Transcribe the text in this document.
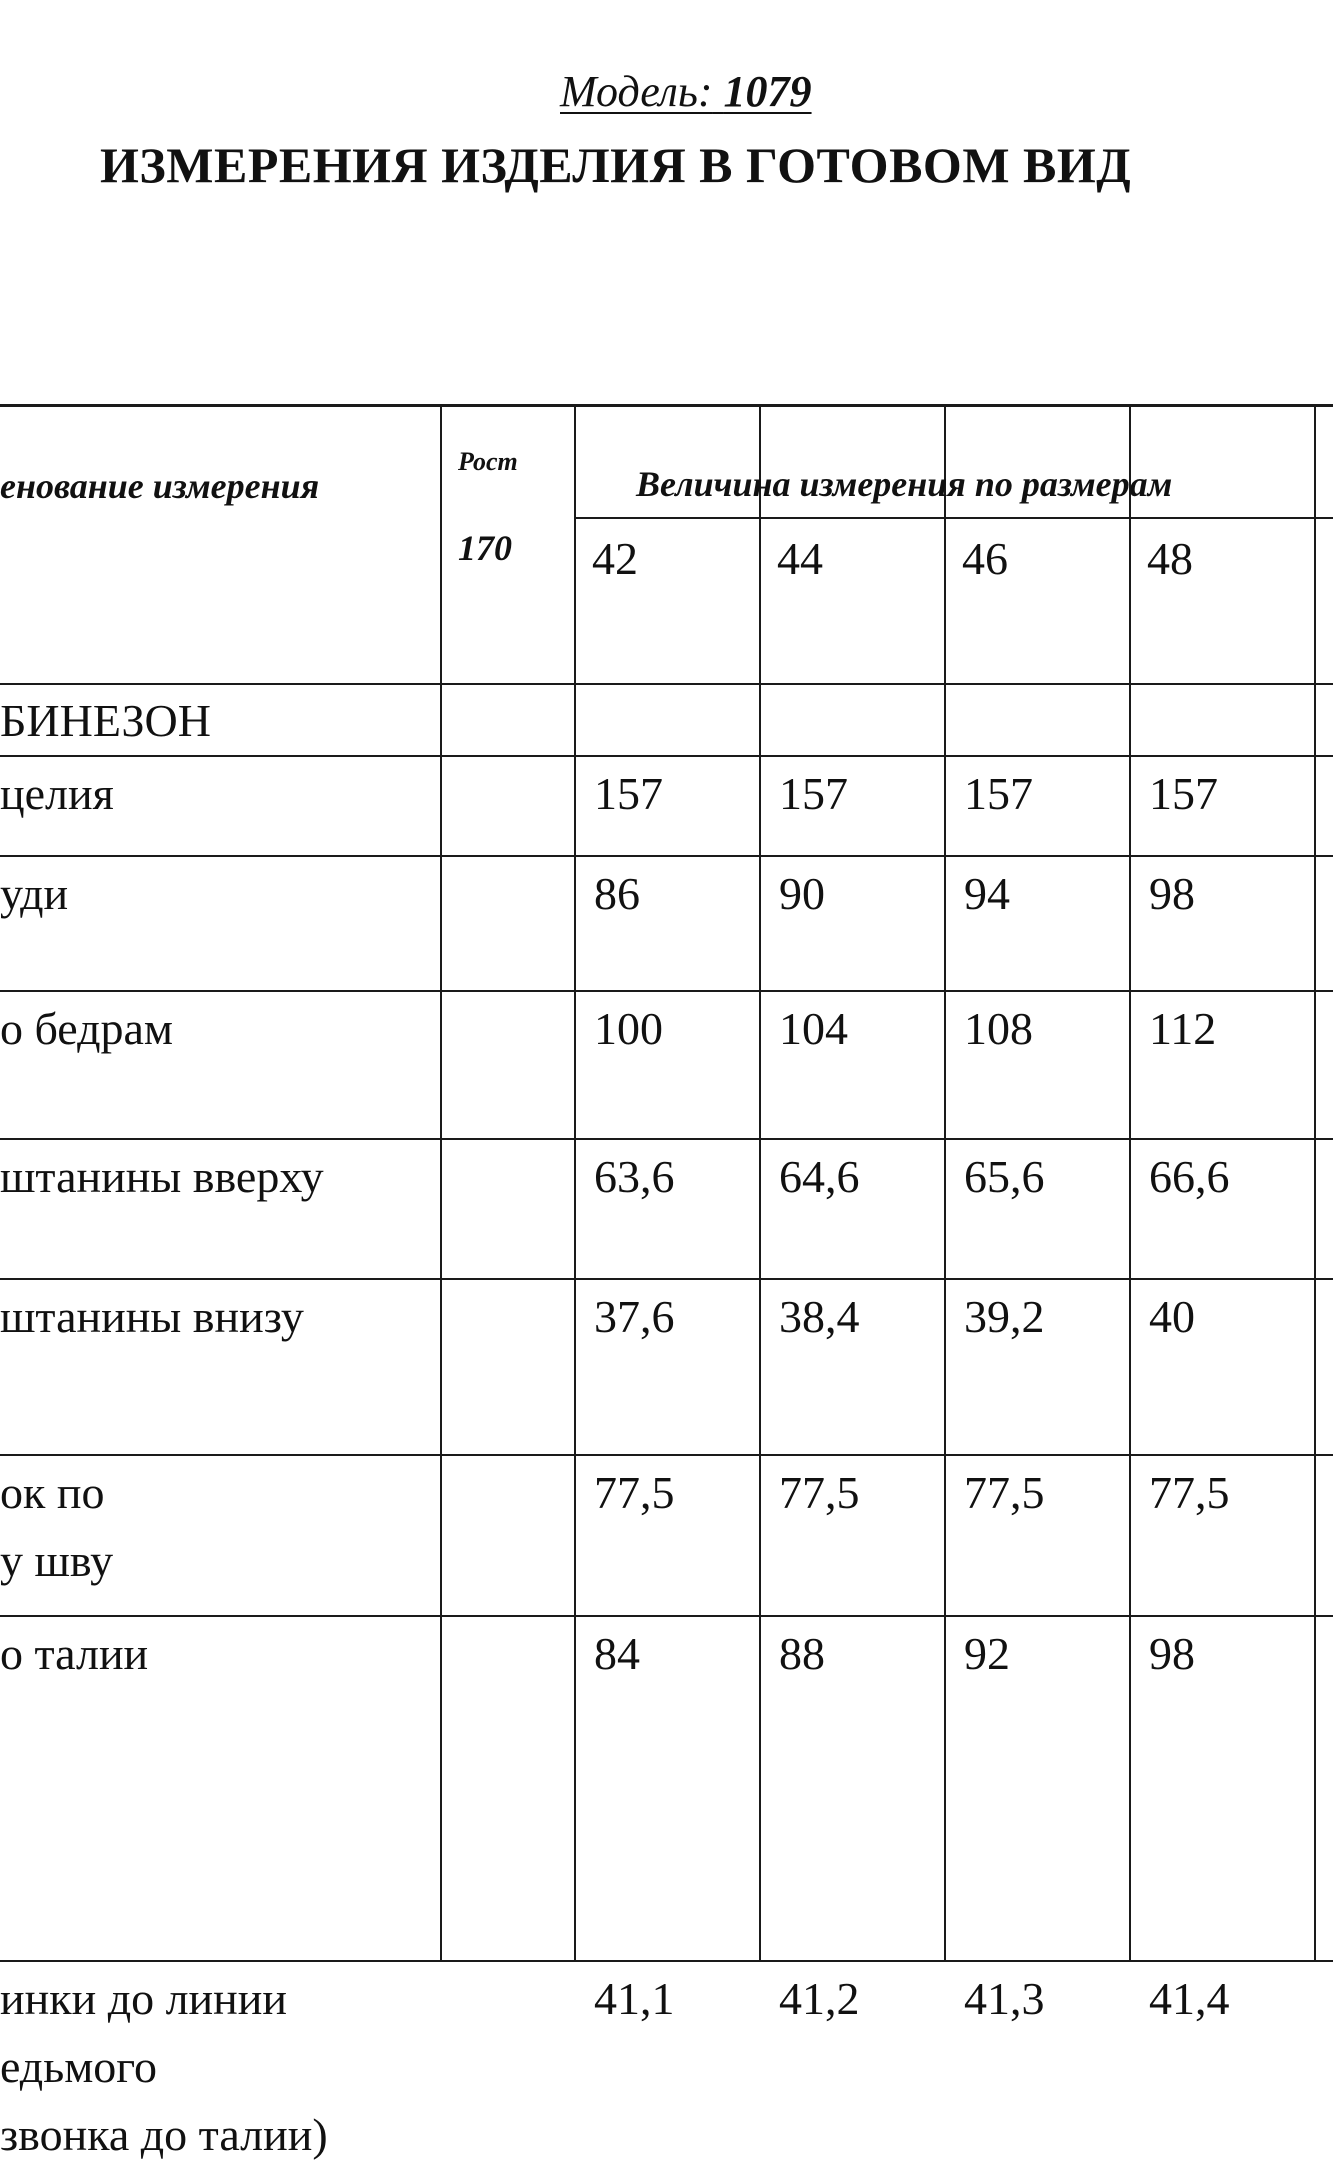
Модель: 1079
ИЗМЕРЕНИЯ ИЗДЕЛИЯ В ГОТОВОМ ВИД
енование измерения
Рост
170
Величина измерения по размерам
42	44	46	48
БИНЕЗОН
целия	157	157	157	157
уди	86	90	94	98
о бедрам	100	104	108	112
штанины вверху	63,6 64,6 65,6 66,6
штанины внизу	37,6 38,4 39,2 40
ок по
у шву
77,5 77,5 77,5 77,5
о талии	84	88	92	98
инки до линии
едьмого
звонка до талии)
41,1 41,2 41,3 41,4
